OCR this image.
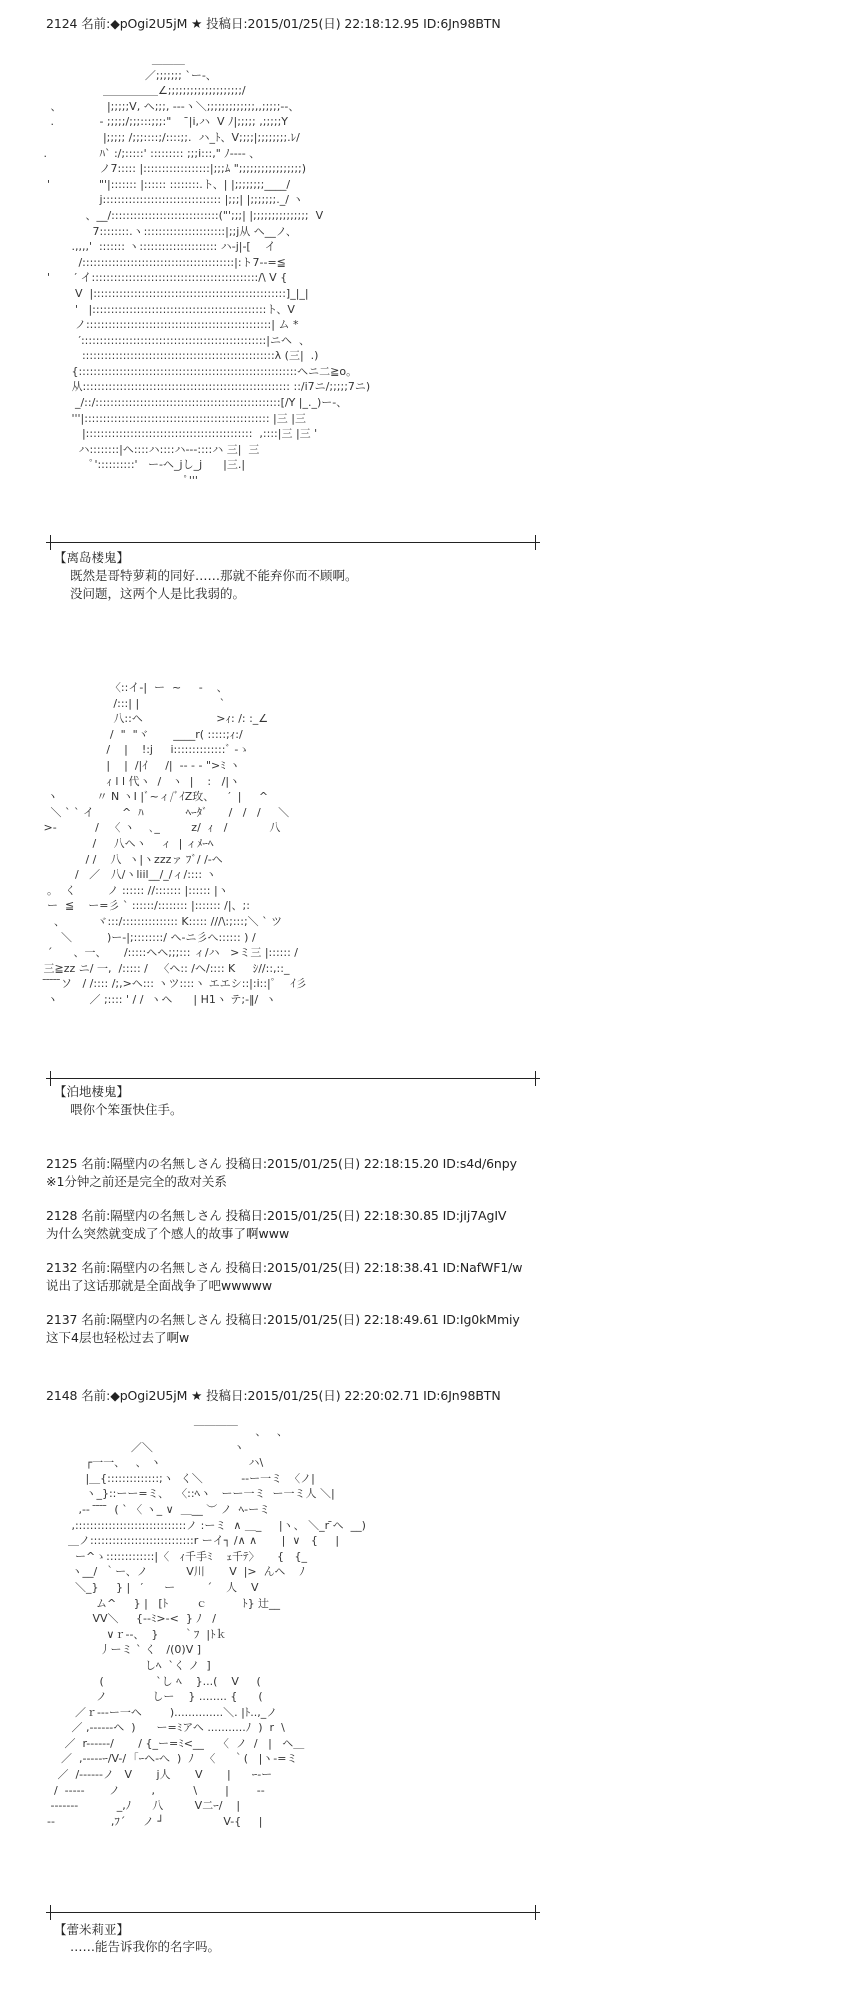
2124 名前:◆pOgi2U5jM ★ 投稿日:2015/01/25(日) 22:18:12.95 ID:6Jn98BTN
＿＿＿
／;;;;;;; `ー-、
＿＿＿＿＿∠;;;;;;;;;;;;;;;;;;;;/
、             |;;;;;V, ヘ;;;, ---ヽ＼;;;;;;;;;;;;;,,;;;;;--、
.             - ;;;;;/;;;:::;;;:"     ̄|i,ハ  V ﾉ|;;;;; ,;;;;;Y
|;;;;; /;;;::::;/::::;;.  ハ_ﾄ、V;;;;|;;;;;;;;.ﾚ/
.               ﾊ` :/;:::::' ::::::::: ;;;i:::," ﾉ---- 、
ノ7::::: |::::::::::::::::::|;;;ﾑ ";;;;;;;;;;;;;;;;;)
'              "'|::::::: |:::::: ::::::::.ト、| |;;;;;;;;____/
j:::::::::::::::::::::::::::::::: |;;;| |;;;;;;;._/ ヽ
、__/:::::::::::::::::::::::::::::("';;;| |;;;;;;;;;;;;;;;  V
7::::::::.ヽ::::::::::::::::::::::|;;j从 ヘ__ノ、
.,,,,'  ::::::: ヽ::::::::::::::::::::: ハ-j|-[    イ
/:::::::::::::::::::::::::::::::::::::::::|:ト7--=≦
'       ′ イ:::::::::::::::::::::::::::::::::::::::::::::/\ V {
V  |::::::::::::::::::::::::::::::::::::::::::::::::::::]_|_|
'   |:::::::::::::::::::::::::::::::::::::::::::::::ト、V
ノ::::::::::::::::::::::::::::::::::::::::::::::::::| ム *
′::::::::::::::::::::::::::::::::::::::::::::::::::|ニヘ  、
::::::::::::::::::::::::::::::::::::::::::::::::::::λ (三|  .)
{:::::::::::::::::::::::::::::::::::::::::::::::::::::::::::ヘニ二≧o。
从:::::::::::::::::::::::::::::::::::::::::::::::::::::::: ::/i7ニ/;;;;;7ニ)
_/::/::::::::::::::::::::::::::::::::::::::::::::::::::[/Y |_._)ー-、
'''|:::::::::::::::::::::::::::::::::::::::::::::::::: |三 |三
|:::::::::::::::::::::::::::::::::::::::::::::  ,::::|三 |三 '
ハ::::::::|ヘ::::ハ::::ハ---::::ハ 三|  三
ﾟ'::::::::::'   ー-ヘ_jし_j      |三.|
ﾟ'''
【离岛楼鬼】
既然是哥特萝莉的同好……那就不能弃你而不顾啊。
没问题，这两个人是比我弱的。
〈::イ-|  ー  ~     -    、
/:::| |                       `
八::ヘ                     >ｨ: /: :_∠
/  "  "ヾ       ____r( :::::;ｨ:/
/    |    !:j     i::::::::::::::ﾞ ‐ゝ
|    |  /|ｲ     /|  ‐- - - ">ﾐ ヽ
ｨ l l 代ヽ  /   ヽ  |    :   /|ヽ
ヽ           〃 N ヽI |ﾞ~ィ/ﾞｲZ玫、    ′  |     ^
＼ ` ` イ        ^  ﾊ            ﾍｰﾀﾞ      /   /   /     ＼
>-           /   〈 ヽ    ､_         z/  ｨ   /            八
/     八ヘヽ    ィ  | ィﾒｰﾍ
/ /    八  ヽ|ヽzzzァ ﾌﾞ/ /-ヘ
/   ／   八/ヽliil__/_/ィ/:::: ヽ
。  く         ノ :::::: //::::::: |:::::: |ヽ
ー  ≦    ー=彡 ` ::::::/:::::::: |::::::: /|、;:
、         ヾ:::/::::::::::::::: K::::: ///\:;:::;＼ ` ツ
＼          )ー-|;::::::::/ ヘ-ニ彡へ:::::: ) /
´      、一、     /:::::ヘヘ;;;::: ィ/ハ   >ミ三 |:::::: /
三≧zz ニ/ 一,  /::::: /   〈ヘ:: /ヘ/:::: K     ｼ//::,::_
̄ ̄ ̄ ̄ ̄ソ   / /:::: /;,>ヘ::: ヽツ::::ヽ エエシ::|:i::|ﾟ    ｲ彡
ヽ         ／ ;:::: ' / /  ヽヘ      | H1ヽ テ;-‖/  ヽ
【泊地棲鬼】
喂你个笨蛋快住手。
2125 名前:隔壁内の名無しさん 投稿日:2015/01/25(日) 22:18:15.20 ID:s4d/6npy
※1分钟之前还是完全的敌对关系
2128 名前:隔壁内の名無しさん 投稿日:2015/01/25(日) 22:18:30.85 ID:jIj7AgIV
为什么突然就变成了个感人的故事了啊www
2132 名前:隔壁内の名無しさん 投稿日:2015/01/25(日) 22:18:38.41 ID:NafWF1/w
说出了这话那就是全面战争了吧wwwww
2137 名前:隔壁内の名無しさん 投稿日:2015/01/25(日) 22:18:49.61 ID:Ig0kMmiy
这下4层也轻松过去了啊w
2148 名前:◆pOgi2U5jM ★ 投稿日:2015/01/25(日) 22:20:02.71 ID:6Jn98BTN
￣￣￣￣     、   、
／＼                       ヽ
┌一一、   、 ヽ                         ハ\
|＿{::::::::::::::;ヽ  く＼           --ー一ミ  〈ノ|
ヽ_}::ーー=ミ、  〈::ﾍヽ   ーー一ミ  ー一ミ人 ＼|
,-‐  ̄ ̄ ̄ ̄  ( ` 〈 ヽ_ ∨  ＿__ ︶ ノ  ﾍ-ーミ
,::::::::::::::::::::::::::::::ノ :ーミ  ∧ ＿_     |ヽ、 ＼_r ̄ヘ  __)
＿ノ::::::::::::::::::::::::::::r ーイ┐ /∧ ∧       |  ∨   {     |
ー^ゝ:::::::::::::|〈   ｨ千手ﾐ    ｪ千ﾃ〉     {   {_
ヽ__/  ｀ー、ノ           V川       V  |>  んヘ    ﾉ
＼_}     } |   ′      ー         ´    人    V
ム^     } |   [ﾄ        ｃ          ﾄ} 辻__
VV＼     {--ﾐ>-<  } ﾉ   /
∨ｒ--、  }       ｀ﾌ  |ﾄｋ
丿ーミ ` く   /(0)V ]
しﾍ  `く ノ  ]
(               `し ﾍ    }...(    V     (
ノ             しー    } ........ {      (
／ｒ‐‐‐ー一ヘ        )..............＼. |ﾄ..,_ノ
／ ,------ヘ  )      ー=ﾐアヘ ...........ﾉ  )  r  \
／  r-‐‐‐‐‐/       / {_ー=ﾐ<__    〈  ノ  /   |   ヘ＿
／  ,-----ｰ/V-/  ｢ｰヘ-へ  )  ﾉ   〈     ｀(   |ヽ-=ミ
／  /------ノ   V       j人       V       |      ｰ-ー
/  -----       ノ         ,           \        |        --
-‐‐‐‐--           _,ﾉ      八         V二ｰ/    |
--                ,ﾌ´     ノ ┘                 V-{     |
【蕾米莉亚】
……能告诉我你的名字吗。
